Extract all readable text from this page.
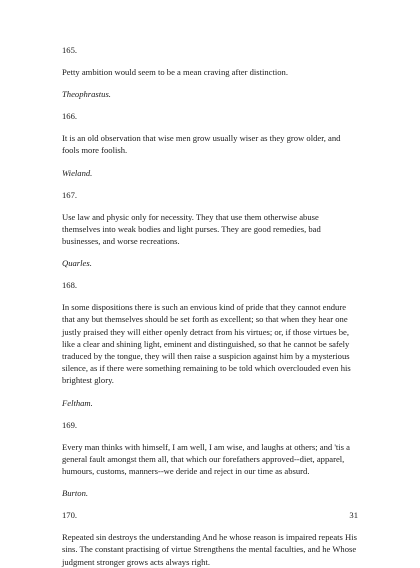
165.

Petty ambition would seem to be a mean craving after distinction.

Theophrastus.

166.

It is an old observation that wise men grow usually wiser as they grow older, and fools more foolish.

Wieland.

167.

Use law and physic only for necessity. They that use them otherwise abuse themselves into weak bodies and light purses. They are good remedies, bad businesses, and worse recreations.

Quarles.

168.

In some dispositions there is such an envious kind of pride that they cannot endure that any but themselves should be set forth as excellent; so that when they hear one justly praised they will either openly detract from his virtues; or, if those virtues be, like a clear and shining light, eminent and distinguished, so that he cannot be safely traduced by the tongue, they will then raise a suspicion against him by a mysterious silence, as if there were something remaining to be told which overclouded even his brightest glory.

Feltham.

169.

Every man thinks with himself, I am well, I am wise, and laughs at others; and 'tis a general fault amongst them all, that which our forefathers approved--diet, apparel, humours, customs, manners--we deride and reject in our time as absurd.

Burton.

170.

Repeated sin destroys the understanding And he whose reason is impaired repeats His sins. The constant practising of virtue Strengthens the mental faculties, and he Whose judgment stronger grows acts always right.

31
